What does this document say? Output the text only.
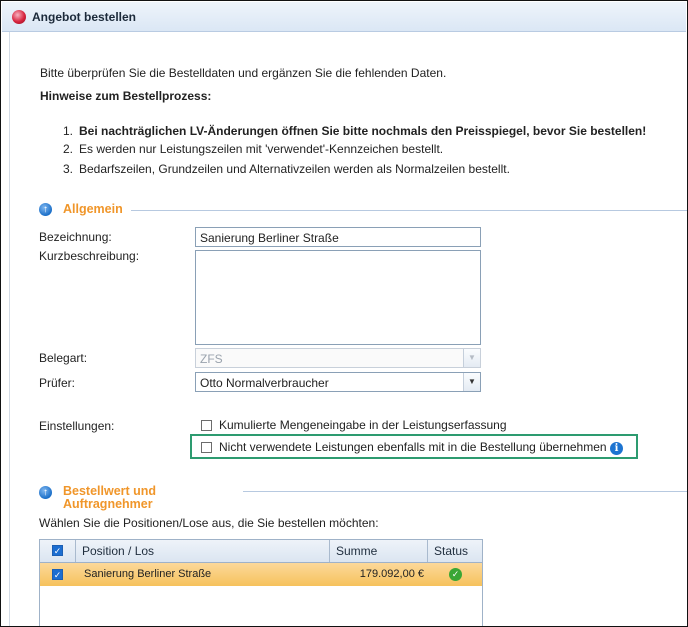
Angebot bestellen
Bitte überprüfen Sie die Bestelldaten und ergänzen Sie die fehlenden Daten.
Hinweise zum Bestellprozess:
1. Bei nachträglichen LV-Änderungen öffnen Sie bitte nochmals den Preisspiegel, bevor Sie bestellen!
2. Es werden nur Leistungszeilen mit 'verwendet'-Kennzeichen bestellt.
3. Bedarfszeilen, Grundzeilen und Alternativzeilen werden als Normalzeilen bestellt.
↑	Allgemein
Bezeichnung:	Sanierung Berliner Straße
Kurzbeschreibung:
Belegart:	ZFS	▼
Prüfer:	Otto Normalverbraucher	▼
Einstellungen:	Kumulierte Mengeneingabe in der Leistungserfassung
Nicht verwendete Leistungen ebenfalls mit in die Bestellung übernehmen i
↑	Bestellwert und
Auftragnehmer
Wählen Sie die Positionen/Lose aus, die Sie bestellen möchten:
✓	Position / Los	Summe	Status
✓ Sanierung Berliner Straße	179.092,00 €	✓
